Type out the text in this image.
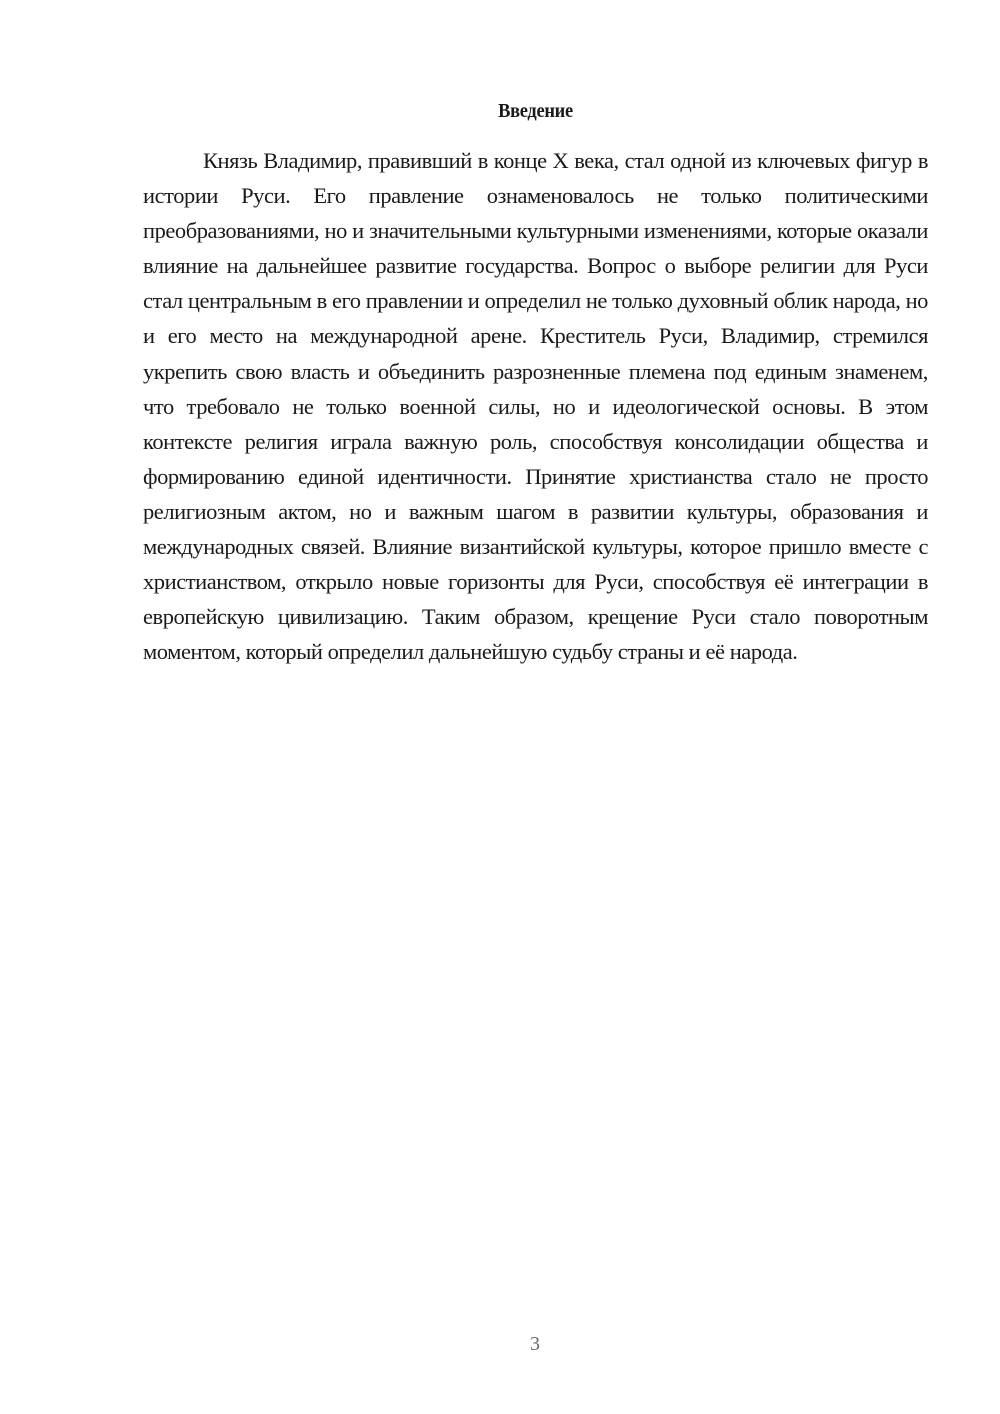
Введение

Князь Владимир, правивший в конце X века, стал одной из ключевых фигур в истории Руси. Его правление ознаменовалось не только политическими преобразованиями, но и значительными культурными изменениями, которые оказали влияние на дальнейшее развитие государства. Вопрос о выборе религии для Руси стал центральным в его правлении и определил не только духовный облик народа, но и его место на международной арене. Креститель Руси, Владимир, стремился укрепить свою власть и объединить разрозненные племена под единым знаменем, что требовало не только военной силы, но и идеологической основы. В этом контексте религия играла важную роль, способствуя консолидации общества и формированию единой идентичности. Принятие христианства стало не просто религиозным актом, но и важным шагом в развитии культуры, образования и международных связей. Влияние византийской культуры, которое пришло вместе с христианством, открыло новые горизонты для Руси, способствуя её интеграции в европейскую цивилизацию. Таким образом, крещение Руси стало поворотным моментом, который определил дальнейшую судьбу страны и её народа.

3
